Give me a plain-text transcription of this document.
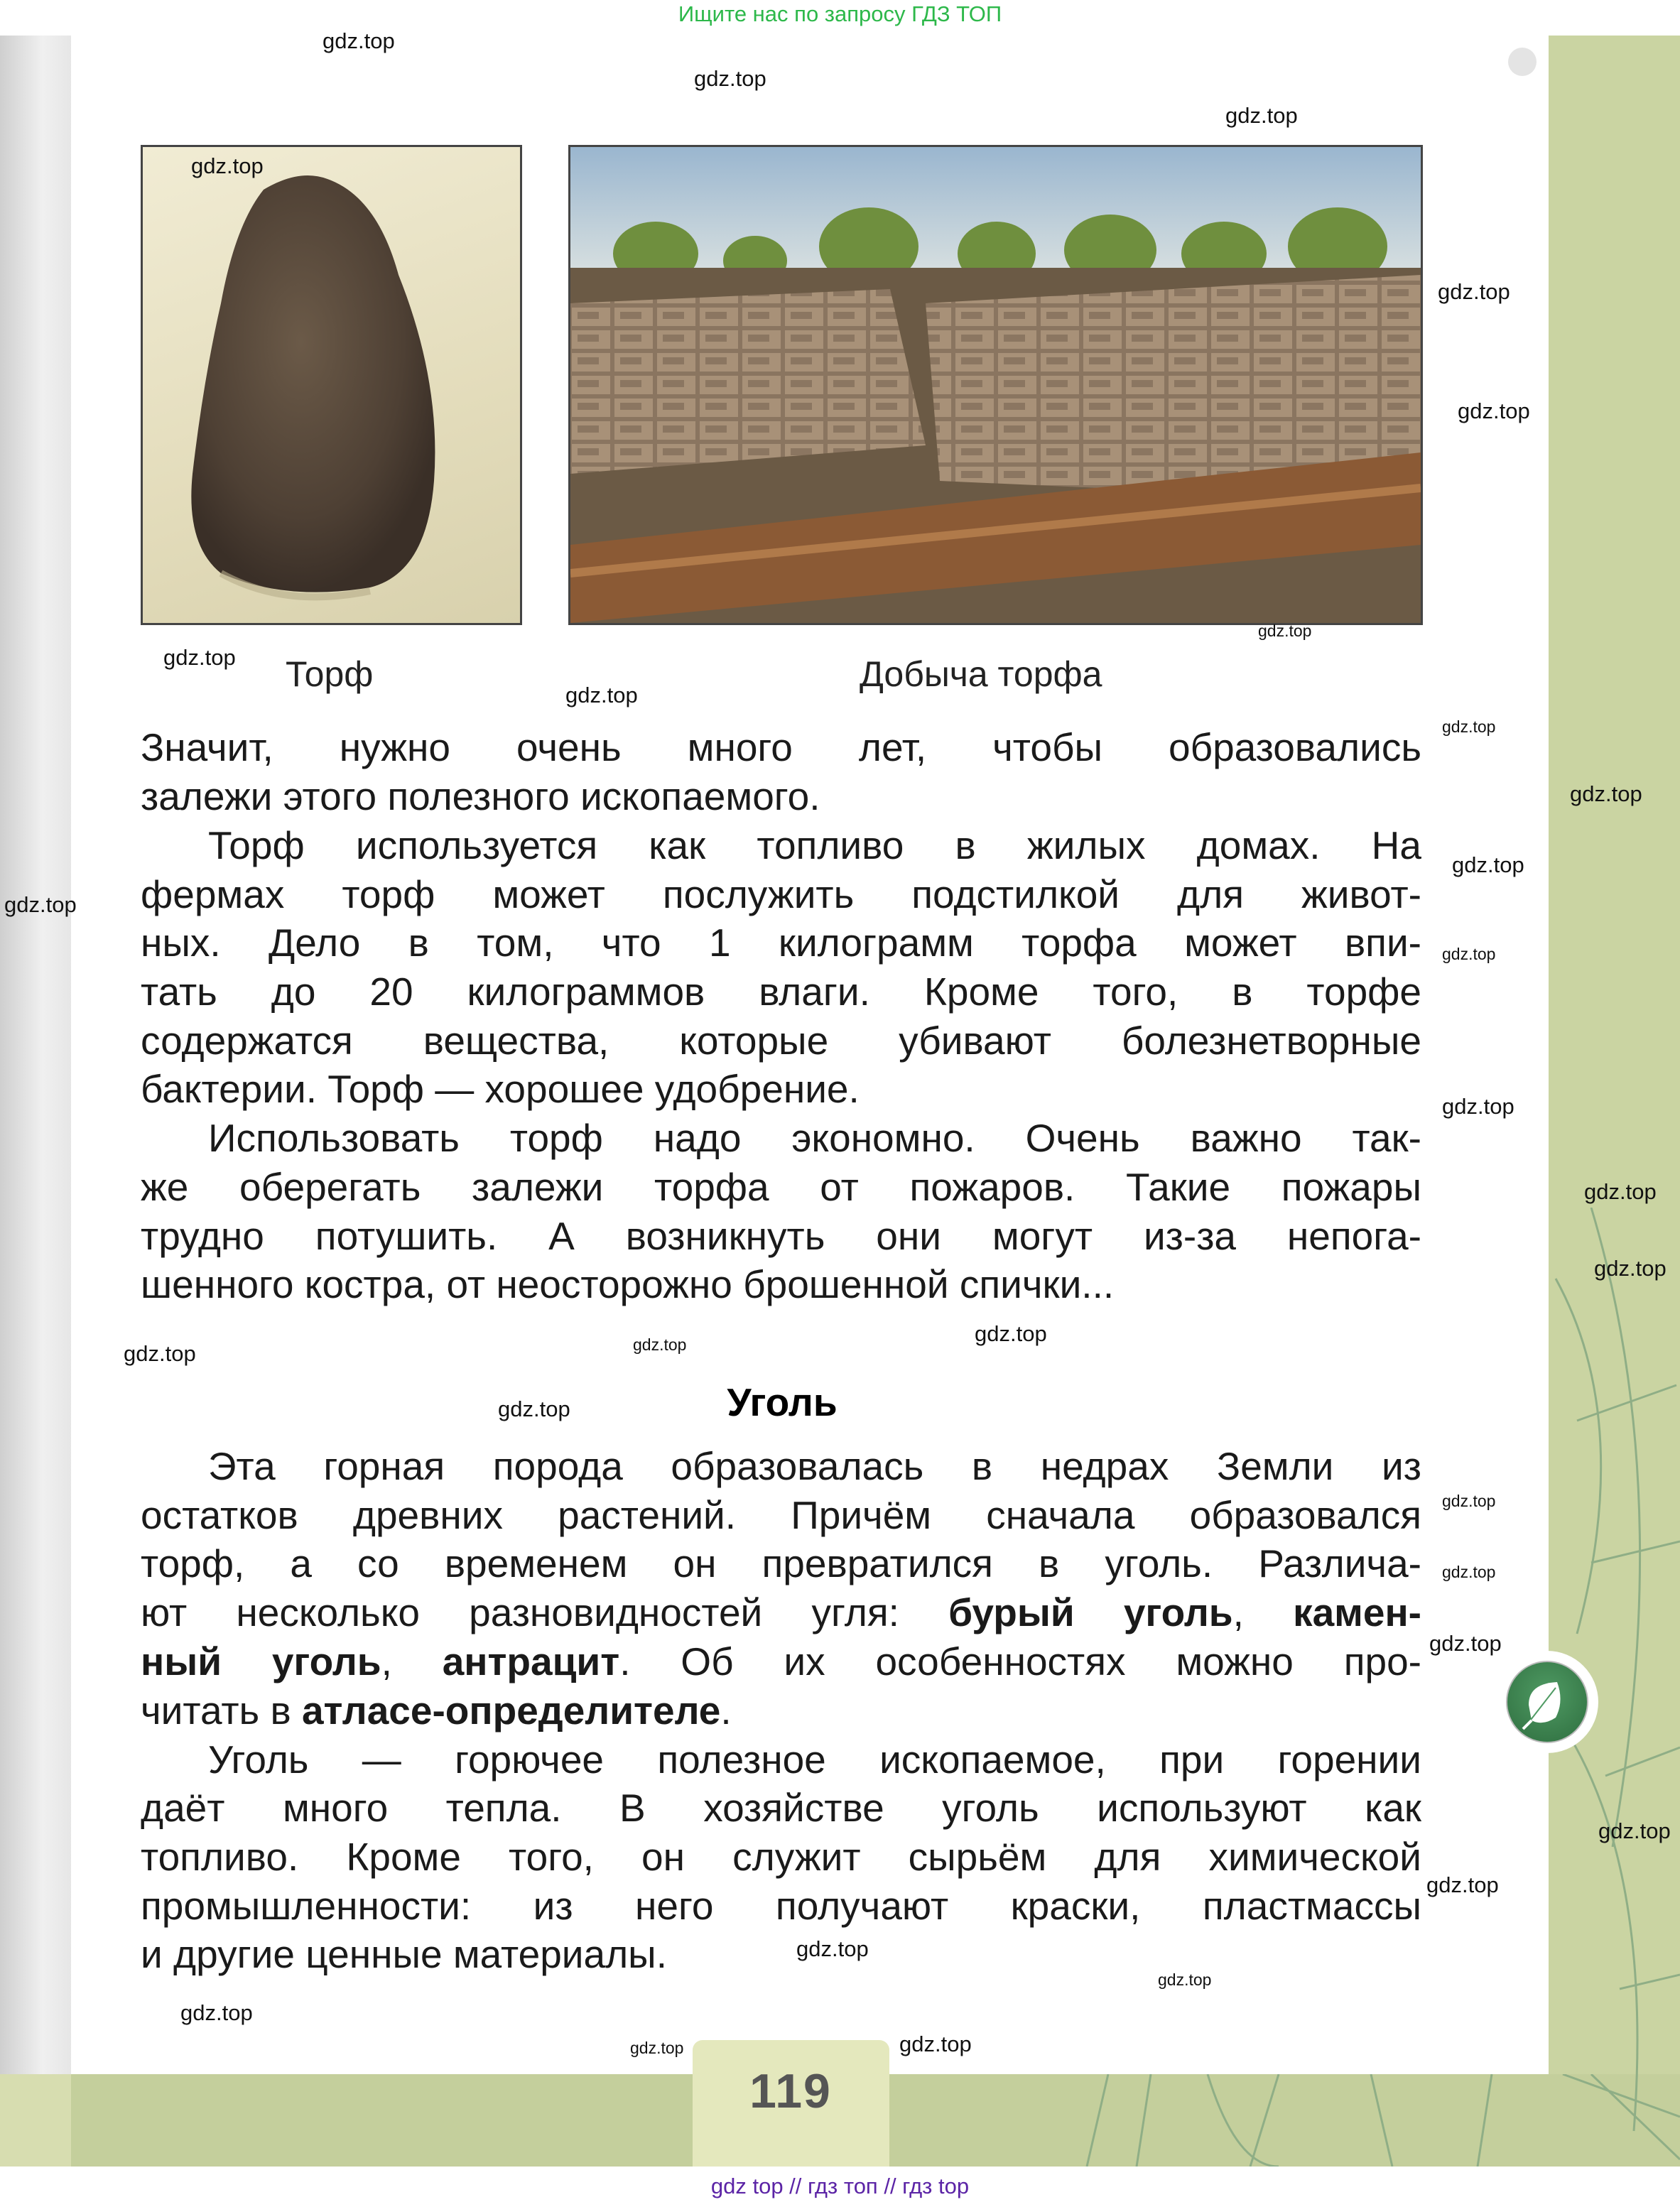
Ищите нас по запросу ГДЗ ТОП
Торф	Добыча торфа
Значит, нужно очень много лет, чтобы образовались
залежи этого полезного ископаемого.
Торф используется как топливо в жилых домах. На
фермах торф может послужить подстилкой для живот-
ных. Дело в том, что 1 килограмм торфа может впи-
тать до 20 килограммов влаги. Кроме того, в торфе
содержатся вещества, которые убивают болезнетворные
бактерии. Торф — хорошее удобрение.
Использовать торф надо экономно. Очень важно так-
же оберегать залежи торфа от пожаров. Такие пожары
трудно потушить. А возникнуть они могут из-за непога-
шенного костра, от неосторожно брошенной спички...
Эта горная порода образовалась в недрах Земли из
остатков древних растений. Причём сначала образовался
торф, а со временем он превратился в уголь. Различа-
ют несколько разновидностей угля: бурый уголь, камен-
ный уголь, антрацит. Об их особенностях можно про-
читать в атласе-определителе.
Уголь — горючее полезное ископаемое, при горении
даёт много тепла. В хозяйстве уголь используют как
топливо. Кроме того, он служит сырьём для химической
промышленности: из него получают краски, пластмассы
и другие ценные материалы.
Уголь
119
gdz top // гдз топ // гдз top
gdz.top
gdz.top
gdz.top
gdz.top
gdz.top
gdz.top
gdz.top
gdz.top
gdz.top
gdz.top
gdz.top
gdz.top
gdz.top
gdz.top
gdz.top
gdz.top
gdz.top
gdz.top
gdz.top
gdz.top
gdz.top
gdz.top
gdz.top
gdz.top
gdz.top
gdz.top
gdz.top
gdz.top
gdz.top
gdz.top
gdz.top
